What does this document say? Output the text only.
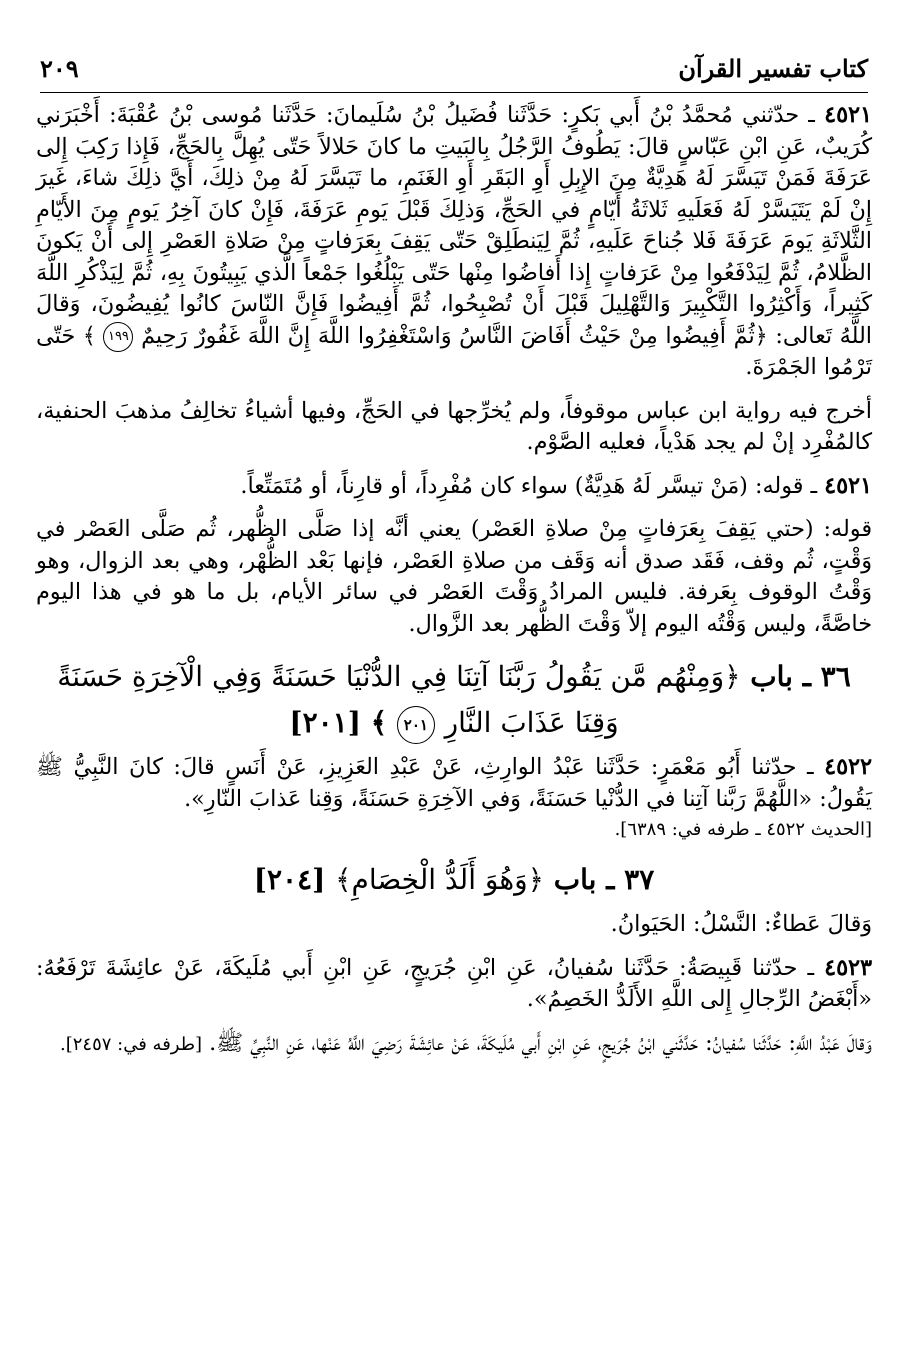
كتاب تفسير القرآن
٢٠٩

٤٥٢١ ـ حدّثني مُحمَّدُ بْنُ أَبي بَكرٍ: حَدَّثَنا فُضَيلُ بْنُ سُلَيمانَ: حَدَّثَنا مُوسى بْنُ عُقْبَةَ: أَخْبَرَني كُرَيبٌ، عَنِ ابْنِ عَبّاسٍ قالَ: يَطُوفُ الرَّجُلُ بِالبَيتِ ما كانَ حَلالاً حَتّى يُهِلَّ بِالحَجِّ، فَإِذا رَكِبَ إِلى عَرَفَةَ فَمَنْ تَيَسَّرَ لَهُ هَدِيَّةٌ مِنَ الإِبِلِ أَوِ البَقَرِ أَوِ الغَنَمِ، ما تَيَسَّرَ لَهُ مِنْ ذلِكَ، أَيَّ ذلِكَ شاءَ، غَيرَ إِنْ لَمْ يَتَيَسَّرْ لَهُ فَعَلَيهِ ثَلاثَةُ أَيّامٍ في الحَجِّ، وَذلِكَ قَبْلَ يَومِ عَرَفَةَ، فَإِنْ كانَ آخِرُ يَومٍ مِنَ الأَيّامِ الثَّلاثَةِ يَومَ عَرَفَةَ فَلا جُناحَ عَلَيهِ، ثُمَّ لِيَنطَلِقْ حَتّى يَقِفَ بِعَرَفاتٍ مِنْ صَلاةِ العَصْرِ إِلى أَنْ يَكونَ الظَّلامُ، ثُمَّ لِيَدْفَعُوا مِنْ عَرَفاتٍ إِذا أَفاضُوا مِنْها حَتّى يَبْلُغُوا جَمْعاً الَّذي يَبِيتُونَ بِهِ، ثُمَّ لِيَذْكُرِ اللَّهَ كَثِيراً، وَأَكْثِرُوا التَّكْبِيرَ وَالتَّهْلِيلَ قَبْلَ أَنْ تُصْبِحُوا، ثُمَّ أَفِيضُوا فَإِنَّ النّاسَ كانُوا يُفِيضُونَ، وَقالَ اللَّهُ تَعالى: ﴿ثُمَّ أَفِيضُوا مِنْ حَيْثُ أَفَاضَ النَّاسُ وَاسْتَغْفِرُوا اللَّهَ إِنَّ اللَّهَ غَفُورٌ رَحِيمٌ ١٩٩ ﴾ حَتّى تَرْمُوا الجَمْرَةَ.

أخرج فيه رواية ابن عباس موقوفاً، ولم يُخرِّجها في الحَجِّ، وفيها أشياءُ تخالِفُ مذهبَ الحنفية، كالمُفْرِد إنْ لم يجد هَدْياً، فعليه الصَّوْم.

٤٥٢١ ـ قوله: (مَنْ تيسَّر لَهُ هَدِيَّةٌ) سواء كان مُفْرِداً، أو قارِناً، أو مُتَمَتِّعاً.

قوله: (حتي يَقِفَ بِعَرَفاتٍ مِنْ صلاةِ العَصْر) يعني أنَّه إذا صَلَّى الظُّهر، ثُم صَلَّى العَصْر في وَقْتٍ، ثُم وقف، فَقَد صدق أنه وَقَف من صلاةِ العَصْر، فإنها بَعْد الظُّهْر، وهي بعد الزوال، وهو وَقْتُ الوقوف بِعَرفة. فليس المرادُ وَقْتَ العَصْر في سائر الأيام، بل ما هو في هذا اليوم خاصَّةً، وليس وَقْتُه اليوم إلاّ وَقْتَ الظُّهر بعد الزَّوال.

٣٦ ـ باب ﴿وَمِنْهُم مَّن يَقُولُ رَبَّنَا آتِنَا فِي الدُّنْيَا حَسَنَةً وَفِي الْآخِرَةِ حَسَنَةً وَقِنَا عَذَابَ النَّارِ ٢٠١ ﴾ [٢٠١]

٤٥٢٢ ـ حدّثنا أَبُو مَعْمَرٍ: حَدَّثَنا عَبْدُ الوارِثِ، عَنْ عَبْدِ العَزِيزِ، عَنْ أَنَسٍ قالَ: كانَ النَّبِيُّ ﷺ يَقُولُ: «اللَّهُمَّ رَبَّنا آتِنا في الدُّنْيا حَسَنَةً، وَفي الآخِرَةِ حَسَنَةً، وَقِنا عَذابَ النّارِ».

[الحديث ٤٥٢٢ ـ طرفه في: ٦٣٨٩].

٣٧ ـ باب ﴿وَهُوَ أَلَدُّ الْخِصَامِ﴾ [٢٠٤]

وَقالَ عَطاءٌ: النَّسْلُ: الحَيَوانُ.

٤٥٢٣ ـ حدّثنا قَبِيصَةُ: حَدَّثَنا سُفيانُ، عَنِ ابْنِ جُرَيجٍ، عَنِ ابْنِ أَبي مُلَيكَةَ، عَنْ عائِشَةَ تَرْفَعُهُ: «أَبْغَضُ الرِّجالِ إِلى اللَّهِ الأَلَدُّ الخَصِمُ».

وَقالَ عَبْدُ اللَّهِ: حَدَّثَنا سُفيانُ: حَدَّثَني ابْنُ جُرَيجٍ، عَنِ ابْنِ أَبي مُلَيكَةَ، عَنْ عائِشَةَ رَضِيَ اللَّهُ عَنْها، عَنِ النَّبِيِّ ﷺ. [طرفه في: ٢٤٥٧].
